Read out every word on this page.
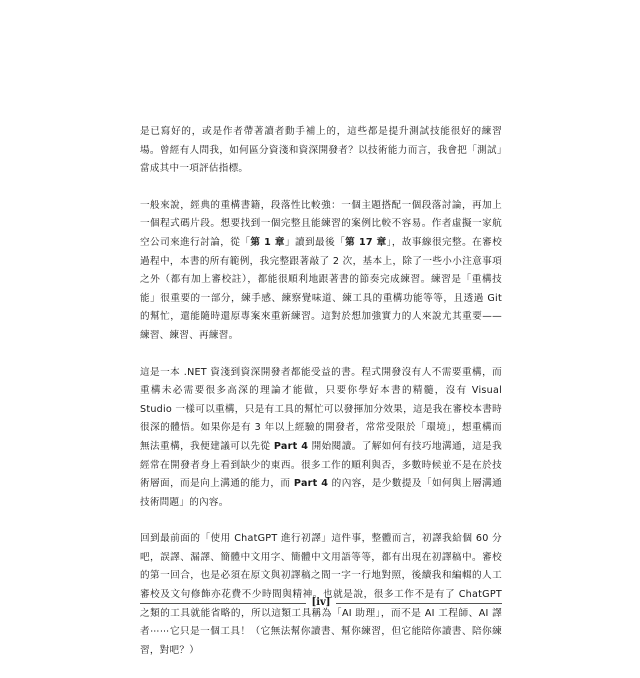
是已寫好的，或是作者帶著讀者動手補上的，這些都是提升測試技能很好的練習場。曾經有人問我，如何區分資淺和資深開發者？以技術能力而言，我會把「測試」當成其中一項評估指標。

一般來說，經典的重構書籍，段落性比較強：一個主題搭配一個段落討論，再加上一個程式碼片段。想要找到一個完整且能練習的案例比較不容易。作者虛擬一家航空公司來進行討論，從「第 1 章」讀到最後「第 17 章」，故事線很完整。在審校過程中，本書的所有範例，我完整跟著敲了 2 次，基本上，除了一些小小注意事項之外（都有加上審校註），都能很順利地跟著書的節奏完成練習。練習是「重構技能」很重要的一部分，練手感、練察覺味道、練工具的重構功能等等，且透過 Git 的幫忙，還能隨時還原專案來重新練習。這對於想加強實力的人來說尤其重要——練習、練習、再練習。

這是一本 .NET 資淺到資深開發者都能受益的書。程式開發沒有人不需要重構，而重構未必需要很多高深的理論才能做，只要你學好本書的精髓，沒有 Visual Studio 一樣可以重構，只是有工具的幫忙可以發揮加分效果，這是我在審校本書時很深的體悟。如果你是有 3 年以上經驗的開發者，常常受限於「環境」，想重構而無法重構，我便建議可以先從 Part 4 開始閱讀。了解如何有技巧地溝通，這是我經常在開發者身上看到缺少的東西。很多工作的順利與否，多數時候並不是在於技術層面，而是向上溝通的能力，而 Part 4 的內容，是少數提及「如何與上層溝通技術問題」的內容。

回到最前面的「使用 ChatGPT 進行初譯」這件事，整體而言，初譯我給個 60 分吧，誤譯、漏譯、簡體中文用字、簡體中文用語等等，都有出現在初譯稿中。審校的第一回合，也是必須在原文與初譯稿之間一字一行地對照，後續我和編輯的人工審校及文句修飾亦花費不少時間與精神。也就是說，很多工作不是有了 ChatGPT 之類的工具就能省略的，所以這類工具稱為「AI 助理」，而不是 AI 工程師、AI 譯者⋯⋯它只是一個工具！（它無法幫你讀書、幫你練習，但它能陪你讀書、陪你練習，對吧？）

[iv]
